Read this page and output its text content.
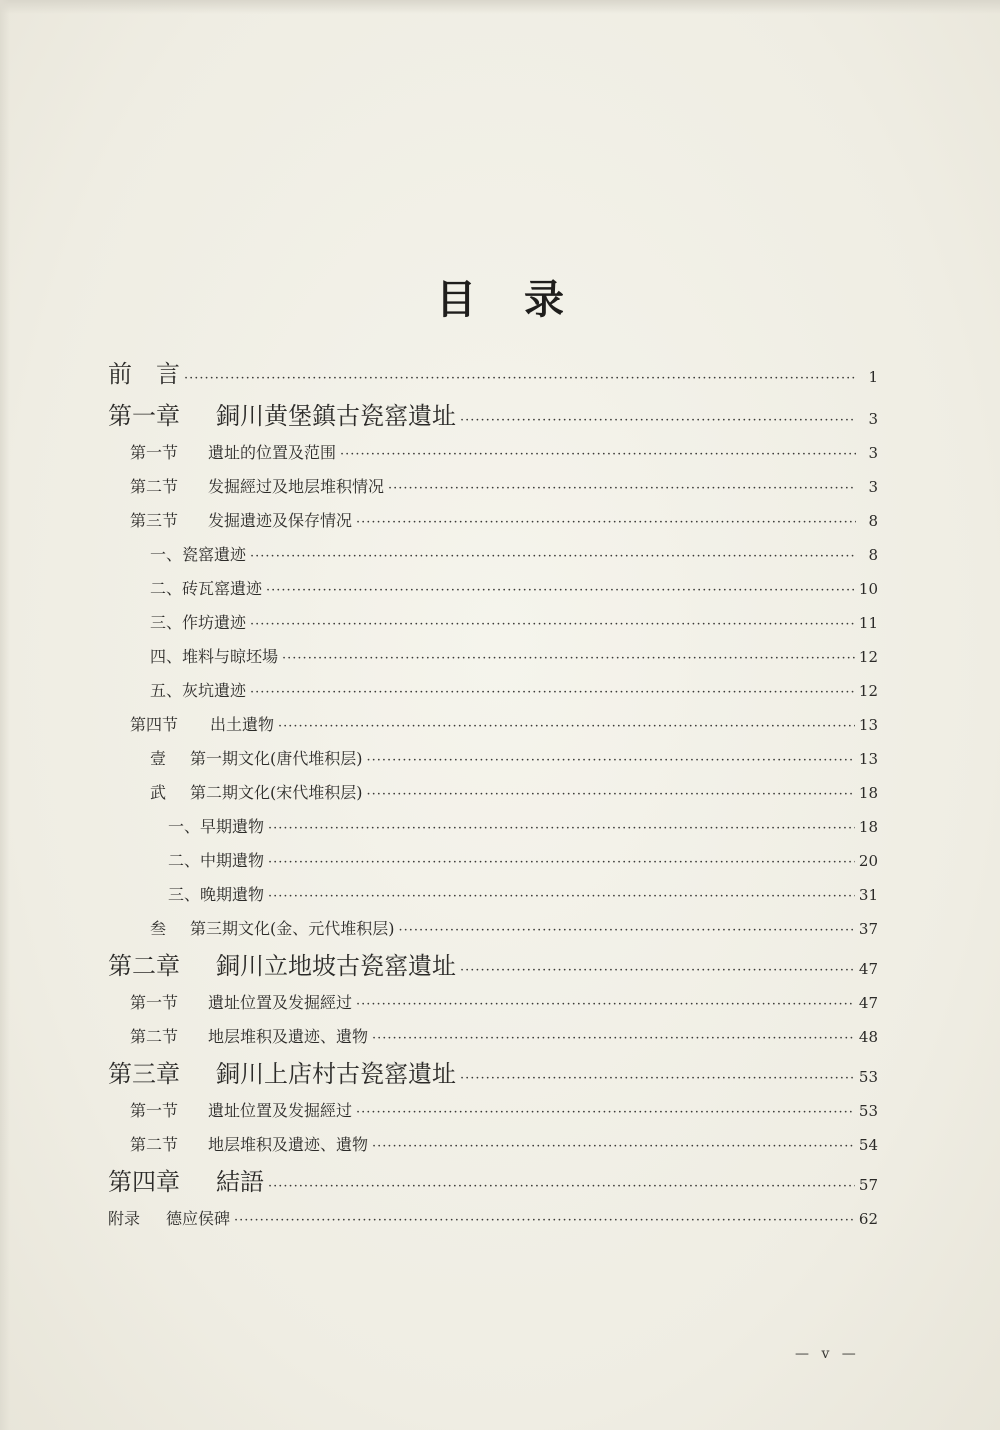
目录
前　言 ·····	1
第一章 銅川黄堡鎮古瓷窰遺址 ·····	3
第一节 遺址的位置及范围 ·····	3
第二节 发掘經过及地层堆积情况 ·····	3
第三节 发掘遺迹及保存情况 ·····	8
一、瓷窰遺迹 ·····	8
二、砖瓦窰遺迹 ·····	10
三、作坊遺迹 ·····	11
四、堆料与晾坯場 ·····	12
五、灰坑遺迹 ·····	12
第四节 出土遺物 ·····	13
壹 第一期文化(唐代堆积层) ·····	13
武 第二期文化(宋代堆积层) ·····	18
一、早期遺物 ·····	18
二、中期遺物 ·····	20
三、晚期遺物 ·····	31
叁 第三期文化(金、元代堆积层) ·····	37
第二章 銅川立地坡古瓷窰遺址 ·····	47
第一节 遺址位置及发掘經过 ·····	47
第二节 地层堆积及遺迹、遺物 ·····	48
第三章 銅川上店村古瓷窰遺址 ·····	53
第一节 遺址位置及发掘經过 ·····	53
第二节 地层堆积及遺迹、遺物 ·····	54
第四章 結語 ·····	57
附录 德应侯碑 ·····	62
— v —
